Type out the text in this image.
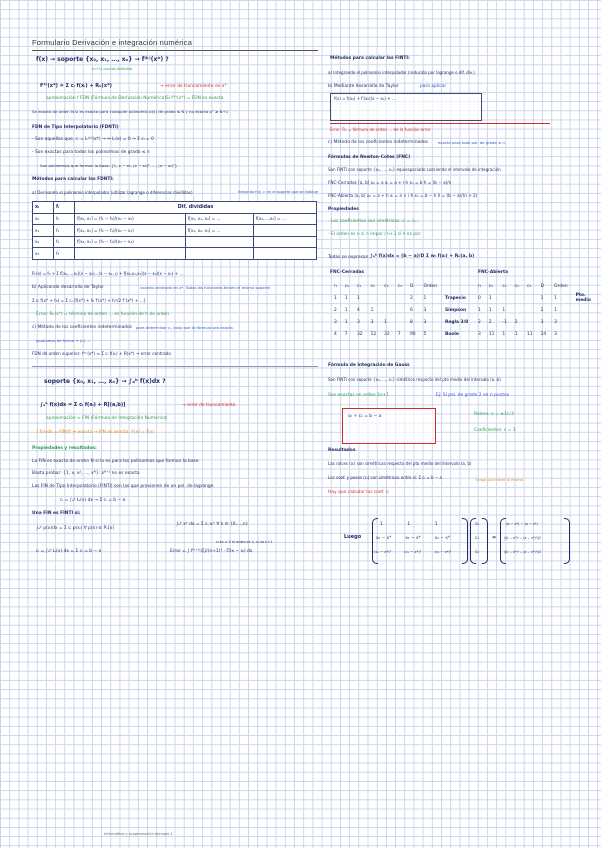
Formulario Derivación e integración numérica
f(x) → soporte {x₀, x₁, …, xₙ} → f⁽ᵏ⁾(x*) ?
(n+1) puntos distintos
f⁽ᵏ⁾(x*) = Σ cᵢ f(xᵢ) + Rₖ(x*)	→ error de truncamiento en x*
aproximación f FDN (Fórmula de Derivación Numérica) Si f⁽ᵏ⁾(x*) = FDN es exacta
Se exacta de orden N si es exacta para cualquier polinomio p(x) de grado ≤ N y no exacta p° ≥ N+1
FDN de Tipo Interpolatorio (FDNTI)
- Son aquellas que, cᵢ = Lᵢ⁽ᵏ⁾(x*) → ⇔ Lᵢ(x) = 0 → Σ cᵢ = 0
- Son exactas para todos los polinomios de grado ≤ n
Son polinomios que forman la base: {1, x − x₀, (x − x₀)², …, (x − x₀)ⁿ}
Métodos para calcular las FDNTI:
a) Derivando el polinomio interpolador (utilizar lagrange o diferencias divididas)	tomando f(x) = en el soporte que se indique
xᵢ	fᵢ	Dif. divididas		
x₀	f₀	f[x₀, x₁] = (f₁ − f₀)/(x₁ − x₀)	f[x₀, x₁, x₂] = …	f[x₀,…,x₃] = …
x₁	f₁	f[x₁, x₂] = (f₂ − f₁)/(x₂ − x₁)	f[x₁, x₂, x₃] = …	
x₂	f₂	f[x₂, x₃] = (f₃ − f₂)/(x₃ − x₂)		
x₃	f₃			
Pₙ(x) = f₀ + Σ f[x₀,…,xₖ](x − x₀)…(x − xₖ₋₁) + f[x₀,x₁,x₂](x − x₀)(x − x₁) + …
b) Aplicando desarrollo de Taylor	usando centrado en x*. Todas las funciones tienen el mismo soporte.
Σ cᵢ f(x* + hᵢ) = Σ cᵢ [f(x*) + hᵢ f′(x*) + hᵢ²/2 f″(x*) + …]
Error: Rₖ(x*) = término de orden … es función de h de orden
c) Método de los coeficientes indeterminados para determinar cᵢ, exijo que la fórmula sea exacta
Igualamos de forma → (cᵢ) …
FDN de orden superior: f⁽ᵏ⁾(x*) ≈ Σ cᵢ f(xᵢ) + R(x*) → error centrado
soporte {x₀, x₁, …, xₙ} → ∫ₐᵇ f(x)dx ?
∫ₐᵇ f(x)dx = Σ cᵢ f(xᵢ) + R[(a,b)]	→ error de truncamiento
aproximación ≈ FIN (Fórmula de Integración Numérica)
∫ f(x)dx = FIN(f) ⇔ exacta → FIN es exacta: F(x) = f(x)
Propiedades y resultados:
La FIN es exacta de orden N si lo es para los polinomios que forman la base
Basta probar: {1, x, x², …, xᴺ}: xᴺ⁺¹ no es exacta
Las FIN de Tipo Interpolatorio (FINTI) son las que provienen de un pol. de lagrange
cᵢ = ∫ₐᵇ Lᵢ(x) dx → Σ cᵢ = b − a
Una FIN es FINTI si:
∫ₐᵇ p(x)dx = Σ cᵢ p(xᵢ) ∀ p(x) ∈ Pₙ[x]
∫ₐᵇ xᵏ dx = Σ cᵢ xᵢᵏ ∀ k ∈ {0,…,n}
cᵢ = ∫ₐᵇ Lᵢ(x) dx = Σ cᵢ = b − a	Error = ∫ f⁽ⁿ⁺¹⁾(ξ)/(n+1)! · Π(x − xᵢ) dx
si es ≠ 0 el orden es n, si no n+1
Métodos para calcular las FINTI:
a) Integrando el polinomio interpolador (reducido por lagrange o dif. div.)
b) Mediante desarrollo de Taylor	para aplicar
f(x) = f(x₀) + f′(x₀)(x − x₀) + …
Error: Rₙ = fórmula de orden … de la función error
c) Método de los coeficientes indeterminados	exacta para todo pol. de grado ≤ n
Fórmulas de Newton-Cotes (FNC)
Son FINTI con soporte {x₀, …, xₙ} equiespaciado cubriendo el intervalo de integración
FNC-Cerradas [a, b] x₀ = a xᵢ = a + i·h xₙ = b h = (b − a)/n
FNC-Abierta (a, b) x₀ = a + h xᵢ = a + i·h xₙ = b − h h = (b − a)/(n + 2)
Propiedades
- Los coeficientes son simétricos: cᵢ = cₙ₋ᵢ
- El orden es n si n impar / n+1 si n es par
Todas se expresan ∫ₐᵇ f(x)dx = (b − a)/D Σ wᵢ f(xᵢ) + Rₙ(a, b)
FNC-Cerradas	FNC-Abierta
n	c₀	c₁	c₂	c₃	c₄	D	Orden	
1	1	1				2	1	Trapecio
2	1	4	1			6	3	Simpson
3	1	3	3	1		8	3	Regla 3/8
4	7	32	12	32	7	90	5	Boole
n	c₀	c₁	c₂	c₃	D	Orden	
0	1				1	1	Pto. medio
1	1	1			2	1	
2	2	-1	2		3	3	
3	11	1	1	11	24	3	
Fórmula de integración de Gauss
Son FINTI con soporte {x₀, …, xₙ} simétrico respecto del pto medio del intervalo (a, b)
Son exactas en orden 2n+1	Ej: Si pol. de grado 2 en n puntos
c₀ + c₁ = b − a	Raíces: x = ±1/√3
Coeficientes: c = 1
Resultados
Las raíces (xᵢ) son simétricas respecto del pto medio del intervalo (a, b)
Los coef. y pesos (cᵢ) son simétricos entre sí: Σ cᵢ = b − a
Hay que calcular los coef. cᵢ
tengo que hacer lo mismo
Luego
1	1	1
x₀ − x*	x₁ − x*	x₂ − x*
(x₀ − x*)²	(x₁ − x*)²	(x₂ − x*)²
c₀
c₁
c₂
=
(b − x*) − (a − x*)
((b − x*)² − (a − x*)²)/2
((b − x*)³ − (a − x*)³)/3
Informática y programación ejemplo 1
